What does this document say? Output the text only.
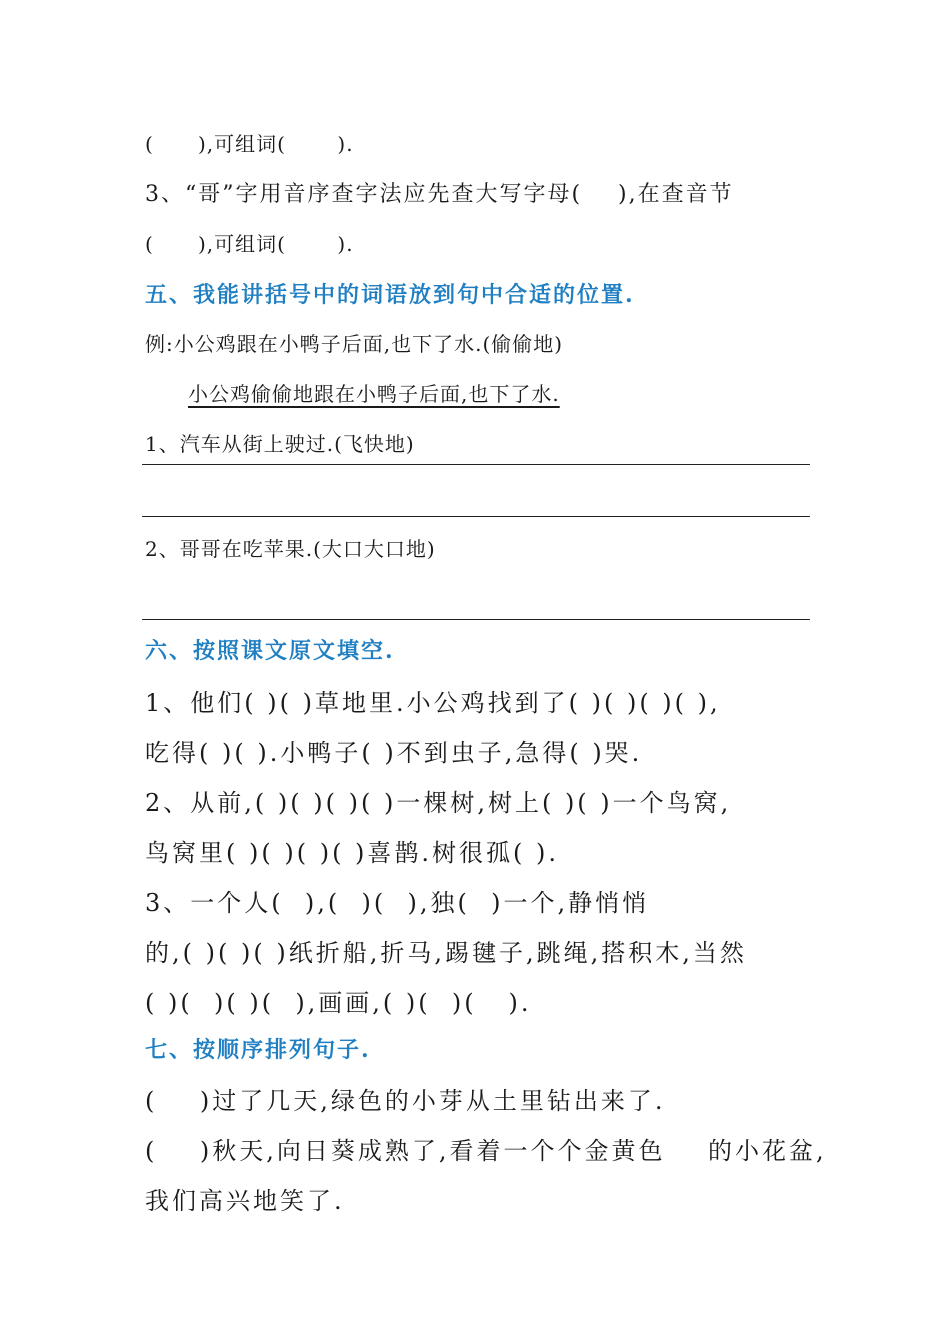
(      ),可组词(       ).
3、“哥”字用音序查字法应先查大写字母(    ),在查音节
(      ),可组词(       ).
五、我能讲括号中的词语放到句中合适的位置.
例:小公鸡跟在小鸭子后面,也下了水.(偷偷地)
小公鸡偷偷地跟在小鸭子后面,也下了水.
1、汽车从街上驶过.(飞快地)
2、哥哥在吃苹果.(大口大口地)
六、按照课文原文填空.
1、他们( )( )草地里.小公鸡找到了( )( )( )( ),
吃得( )( ).小鸭子( )不到虫子,急得( )哭.
2、从前,( )( )( )( )一棵树,树上( )( )一个鸟窝,
鸟窝里( )( )( )( )喜鹊.树很孤( ).
3、一个人(  ),(  )(  ),独(  )一个,静悄悄
的,( )( )( )纸折船,折马,踢毽子,跳绳,搭积木,当然
( )(  )( )(  ),画画,( )(  )(   ).
七、按顺序排列句子.
(    )过了几天,绿色的小芽从土里钻出来了.
(    )秋天,向日葵成熟了,看着一个个金黄色    的小花盆,
我们高兴地笑了.
